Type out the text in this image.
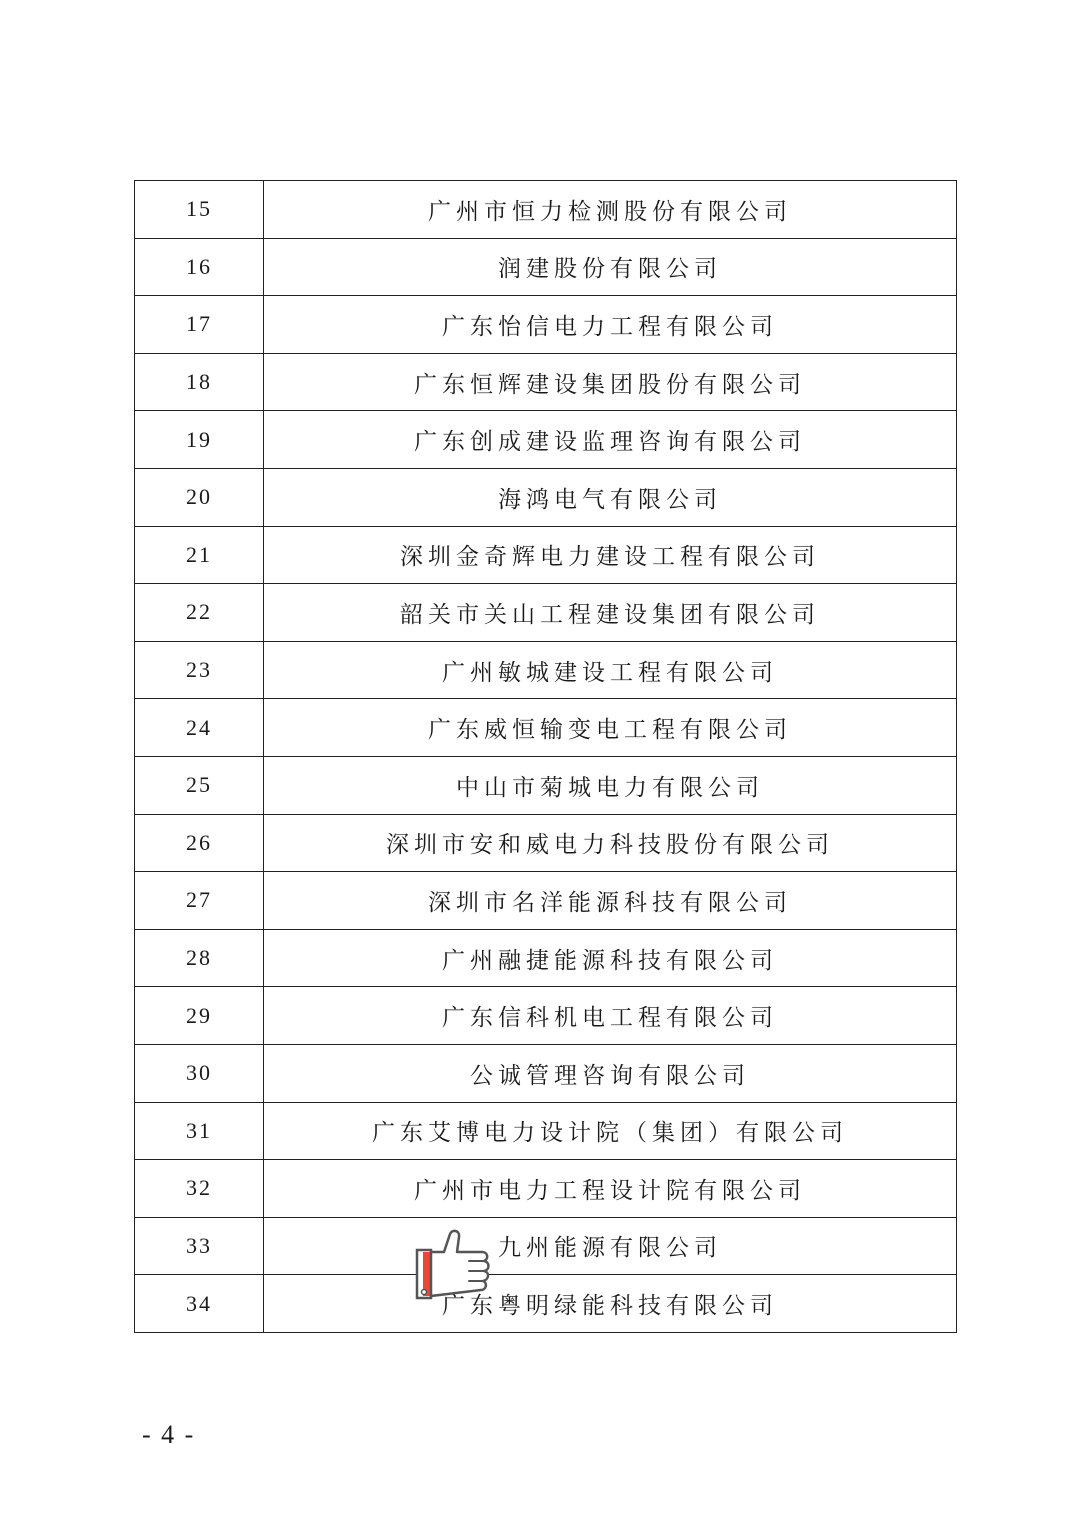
15	广州市恒力检测股份有限公司
16	润建股份有限公司
17	广东怡信电力工程有限公司
18	广东恒辉建设集团股份有限公司
19	广东创成建设监理咨询有限公司
20	海鸿电气有限公司
21	深圳金奇辉电力建设工程有限公司
22	韶关市关山工程建设集团有限公司
23	广州敏城建设工程有限公司
24	广东威恒输变电工程有限公司
25	中山市菊城电力有限公司
26	深圳市安和威电力科技股份有限公司
27	深圳市名洋能源科技有限公司
28	广州融捷能源科技有限公司
29	广东信科机电工程有限公司
30	公诚管理咨询有限公司
31	广东艾博电力设计院（集团）有限公司
32	广州市电力工程设计院有限公司
33	九州能源有限公司
34	广东粤明绿能科技有限公司
- 4 -
